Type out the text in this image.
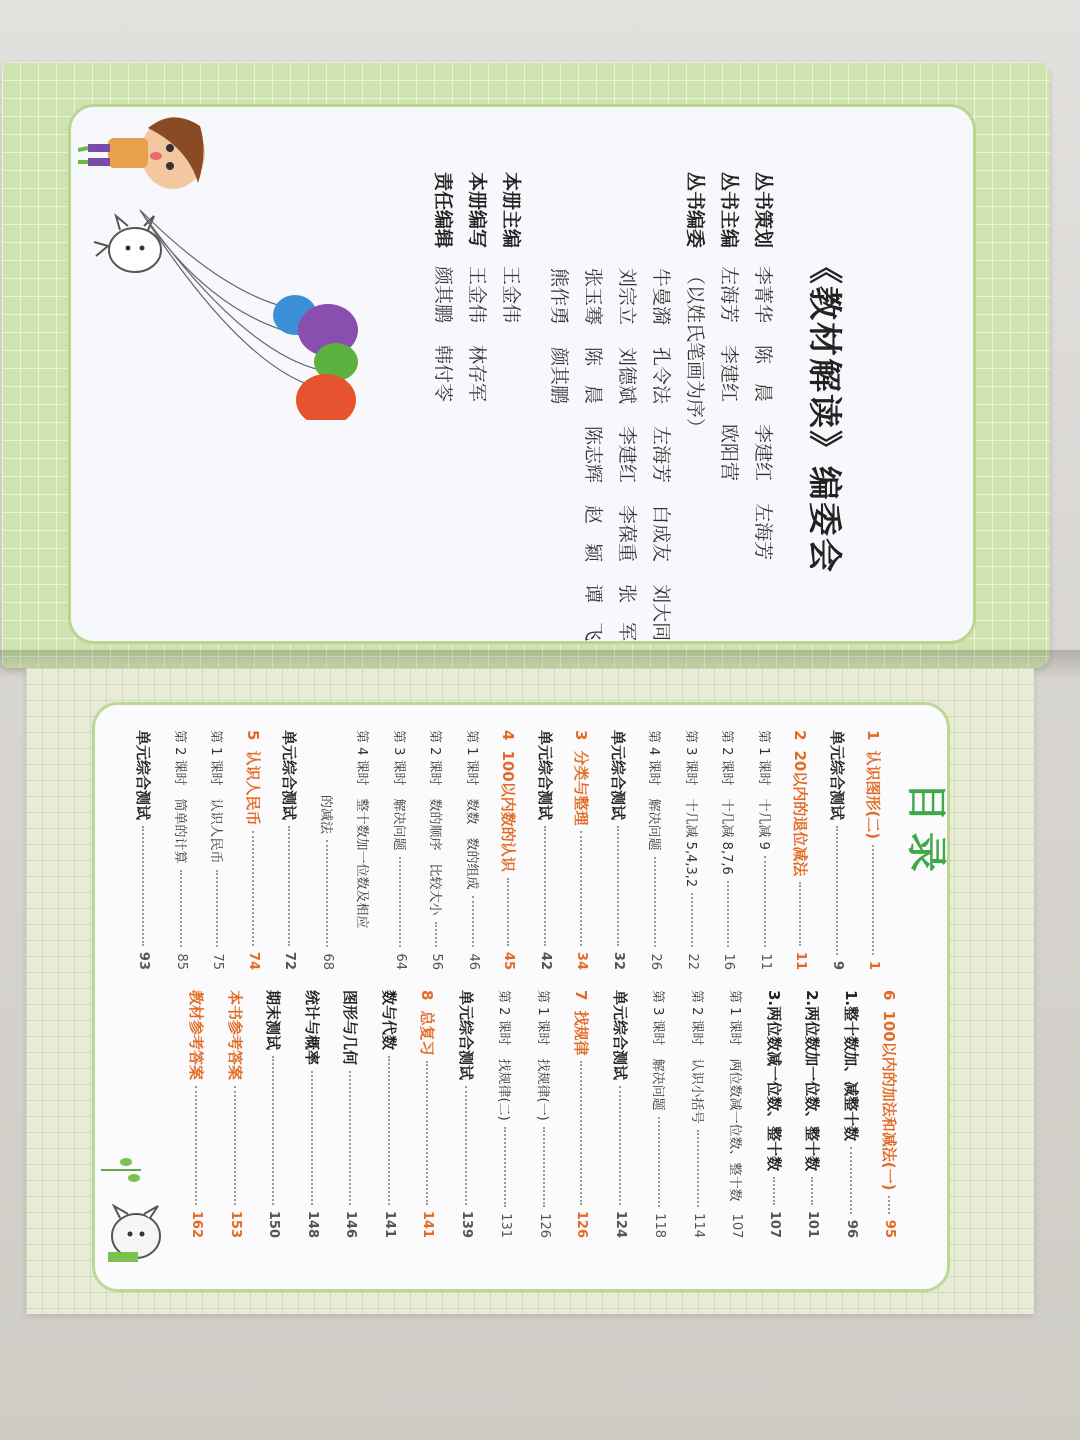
《教材解读》编委会
丛书策划李菁华陈　晨李建红左海芳
丛书主编左海芳李建红欧阳营
丛书编委（以姓氏笔画为序）
牛曼漪孔令法左海芳白成友刘大同
刘宗立刘德斌李建红李葆重张　军
张玉骞陈　晨陈志辉赵　颖谭　飞
熊作勇颜其鹏
本册主编王金伟
本册编写王金伟林存军
责任编辑颜其鹏韩付苓
目录
1
认识图形(二)
1
单元综合测试
9
2
20以内的退位减法
11
第 1 课时　十几减 9
11
第 2 课时　十几减 8,7,6
16
第 3 课时　十几减 5,4,3,2
22
第 4 课时　解决问题
26
单元综合测试
32
3
分类与整理
34
单元综合测试
42
4
100以内数的认识
45
第 1 课时　数数　数的组成
46
第 2 课时　数的顺序　比较大小
56
第 3 课时　解决问题
64
第 4 课时　整十数加一位数及相应
　　　　　的减法
68
单元综合测试
72
5
认识人民币
74
第 1 课时　认识人民币
75
第 2 课时　简单的计算
85
单元综合测试
93
6
100以内的加法和减法(一)
95
1.整十数加、减整十数
96
2.两位数加一位数、整十数
101
3.两位数减一位数、整十数
107
第 1 课时　两位数减一位数、整十数
107
第 2 课时　认识小括号
114
第 3 课时　解决问题
118
单元综合测试
124
7
找规律
126
第 1 课时　找规律(一)
126
第 2 课时　找规律(二)
131
单元综合测试
139
8
总复习
141
数与代数
141
图形与几何
146
统计与概率
148
期末测试
150
本书参考答案
153
教材参考答案
162
